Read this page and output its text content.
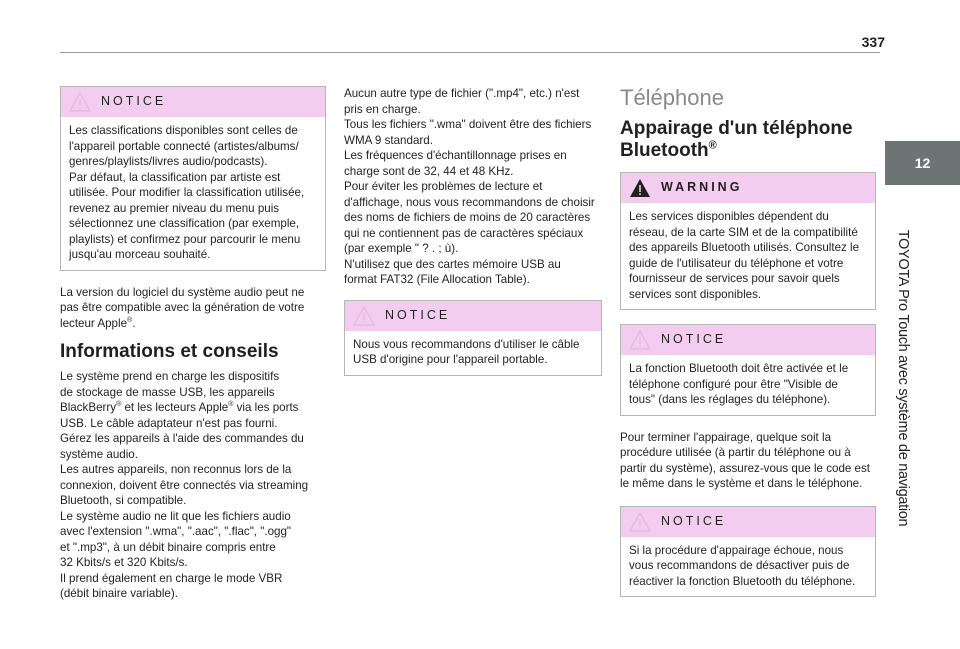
337
12
TOYOTA Pro Touch avec système de navigation
NOTICE
Les classifications disponibles sont celles de
l'appareil portable connecté (artistes/albums/
genres/playlists/livres audio/podcasts).
Par défaut, la classification par artiste est
utilisée. Pour modifier la classification utilisée,
revenez au premier niveau du menu puis
sélectionnez une classification (par exemple,
playlists) et confirmez pour parcourir le menu
jusqu'au morceau souhaité.
La version du logiciel du système audio peut ne
pas être compatible avec la génération de votre
lecteur Apple®.
Informations et conseils
Le système prend en charge les dispositifs
de stockage de masse USB, les appareils
BlackBerry® et les lecteurs Apple® via les ports
USB. Le câble adaptateur n'est pas fourni.
Gérez les appareils à l'aide des commandes du
système audio.
Les autres appareils, non reconnus lors de la
connexion, doivent être connectés via streaming
Bluetooth, si compatible.
Le système audio ne lit que les fichiers audio
avec l'extension ".wma", ".aac", ".flac", ".ogg"
et ".mp3", à un débit binaire compris entre
32 Kbits/s et 320 Kbits/s.
Il prend également en charge le mode VBR
(débit binaire variable).
Aucun autre type de fichier (".mp4", etc.) n'est
pris en charge.
Tous les fichiers ".wma" doivent être des fichiers
WMA 9 standard.
Les fréquences d'échantillonnage prises en
charge sont de 32, 44 et 48 KHz.
Pour éviter les problèmes de lecture et
d'affichage, nous vous recommandons de choisir
des noms de fichiers de moins de 20 caractères
qui ne contiennent pas de caractères spéciaux
(par exemple " ? . ; ù).
N'utilisez que des cartes mémoire USB au
format FAT32 (File Allocation Table).
NOTICE
Nous vous recommandons d'utiliser le câble
USB d'origine pour l'appareil portable.
Téléphone
Appairage d'un téléphone
Bluetooth®
WARNING
Les services disponibles dépendent du
réseau, de la carte SIM et de la compatibilité
des appareils Bluetooth utilisés. Consultez le
guide de l'utilisateur du téléphone et votre
fournisseur de services pour savoir quels
services sont disponibles.
NOTICE
La fonction Bluetooth doit être activée et le
téléphone configuré pour être "Visible de
tous" (dans les réglages du téléphone).
Pour terminer l'appairage, quelque soit la
procédure utilisée (à partir du téléphone ou à
partir du système), assurez-vous que le code est
le même dans le système et dans le téléphone.
NOTICE
Si la procédure d'appairage échoue, nous
vous recommandons de désactiver puis de
réactiver la fonction Bluetooth du téléphone.
